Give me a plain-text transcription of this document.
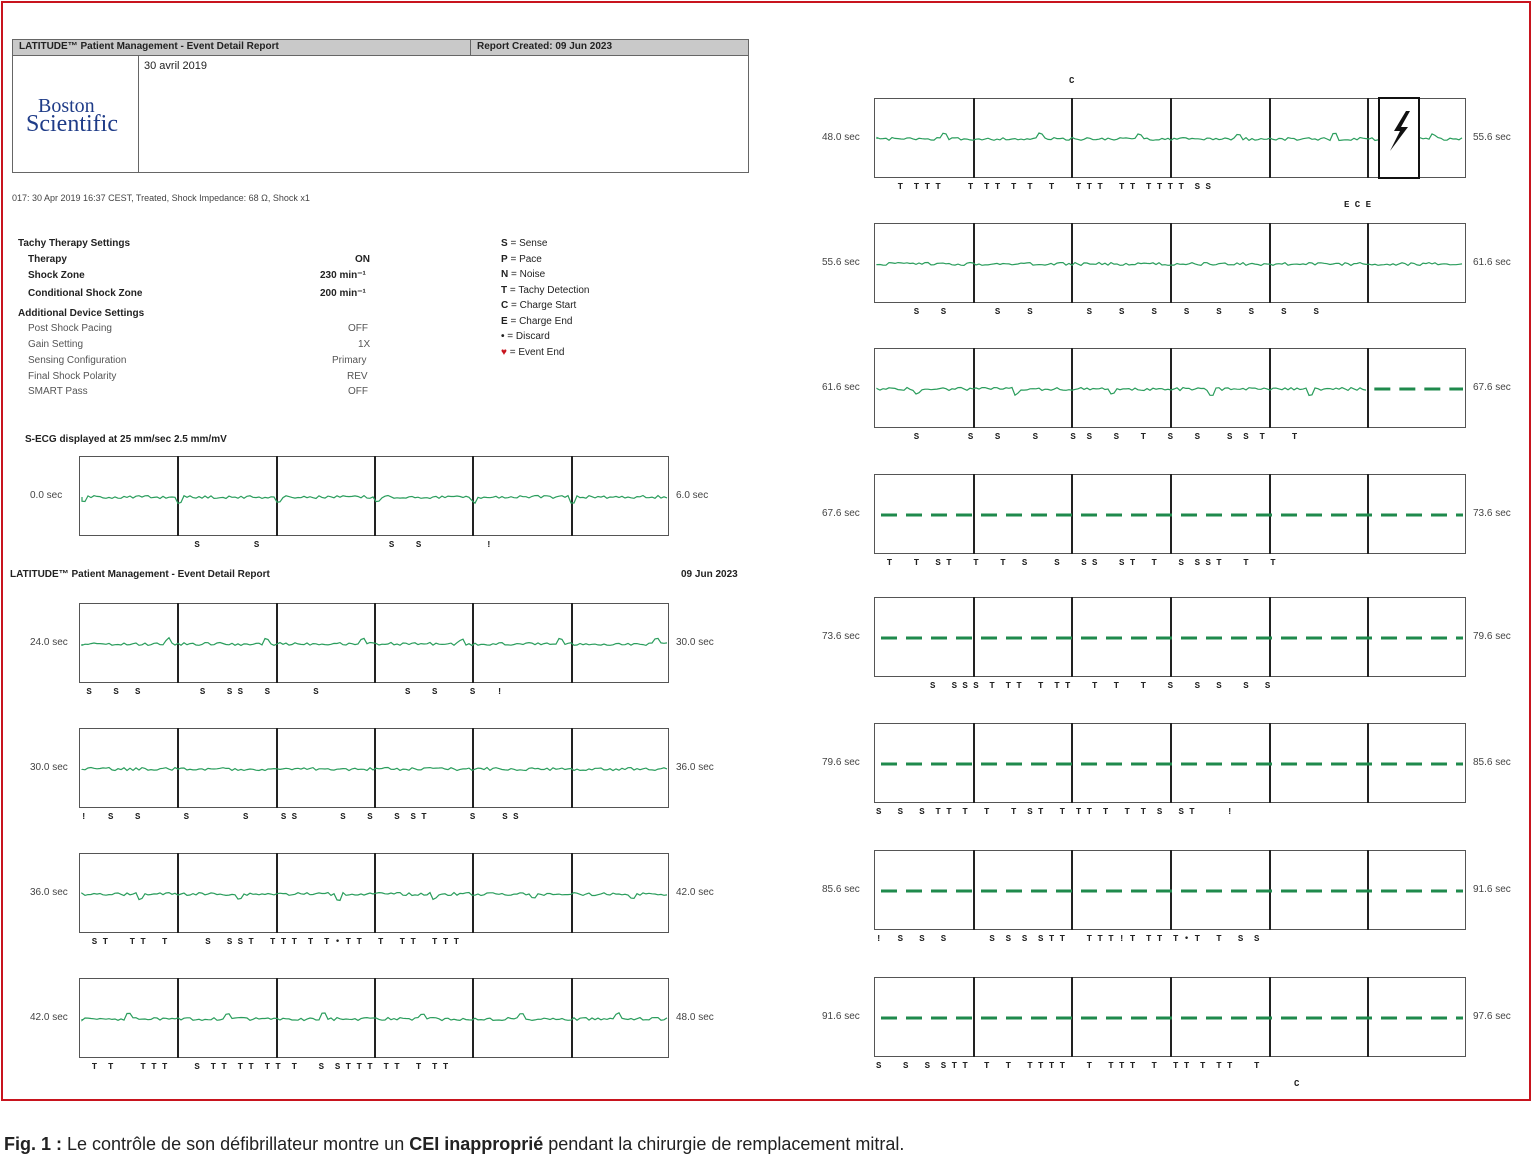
LATITUDE™ Patient Management - Event Detail Report	Report Created: 09 Jun 2023
Boston
Scientific
30 avril 2019
017: 30 Apr 2019 16:37 CEST, Treated, Shock Impedance: 68 Ω, Shock x1
Tachy Therapy Settings
Therapy	ON
Shock Zone	230 min⁻¹
Conditional Shock Zone	200 min⁻¹
Additional Device Settings
Post Shock Pacing	OFF
Gain Setting	1X
Sensing Configuration	Primary
Final Shock Polarity	REV
SMART Pass	OFF
S = Sense
P = Pace
N = Noise
T = Tachy Detection
C = Charge Start
E = Charge End
• = Discard
♥ = Event End
S-ECG displayed at 25 mm/sec 2.5 mm/mV
LATITUDE™ Patient Management - Event Detail Report	09 Jun 2023
0.0 sec	6.0 sec
S          S                        S    S            !
24.0 sec	30.0 sec
S    S   S           S    S S    S        S                S    S      S    !
30.0 sec	36.0 sec
!    S    S        S          S      S S        S    S    S  S T        S     S S
36.0 sec	42.0 sec
S T    T T   T       S   S S T   T T T  T  T • T T   T   T T   T T T
42.0 sec	48.0 sec
T  T     T T T     S  T T  T T  T T  T    S  S T T T  T T   T  T T
48.0 sec	55.6 sec
T  T T T     T  T T  T  T   T    T T T   T T  T T T T  S S
C
E C E
55.6 sec	61.6 sec
S    S         S     S          S     S     S     S     S     S     S     S
61.6 sec	67.6 sec
S         S    S      S      S  S    S    T    S    S     S  S  T     T
67.6 sec	73.6 sec
T    T   S T    T    T   S     S    S S    S T   T    S  S S T    T    T
73.6 sec	79.6 sec
S   S S S  T  T T   T  T T    T   T    T    S    S   S    S   S
79.6 sec	85.6 sec
S   S   S  T T  T   T    T  S T   T  T T  T   T  T  S   S T      !
85.6 sec	91.6 sec
!   S   S   S        S  S  S  S T T    T T T ! T  T T  T • T   T   S  S
91.6 sec	97.6 sec
S    S   S  S T T   T   T   T T T T    T   T T T   T   T T  T  T T    T
C
Fig. 1 : Le contrôle de son défibrillateur montre un CEI inapproprié pendant la chirurgie de remplacement mitral.
